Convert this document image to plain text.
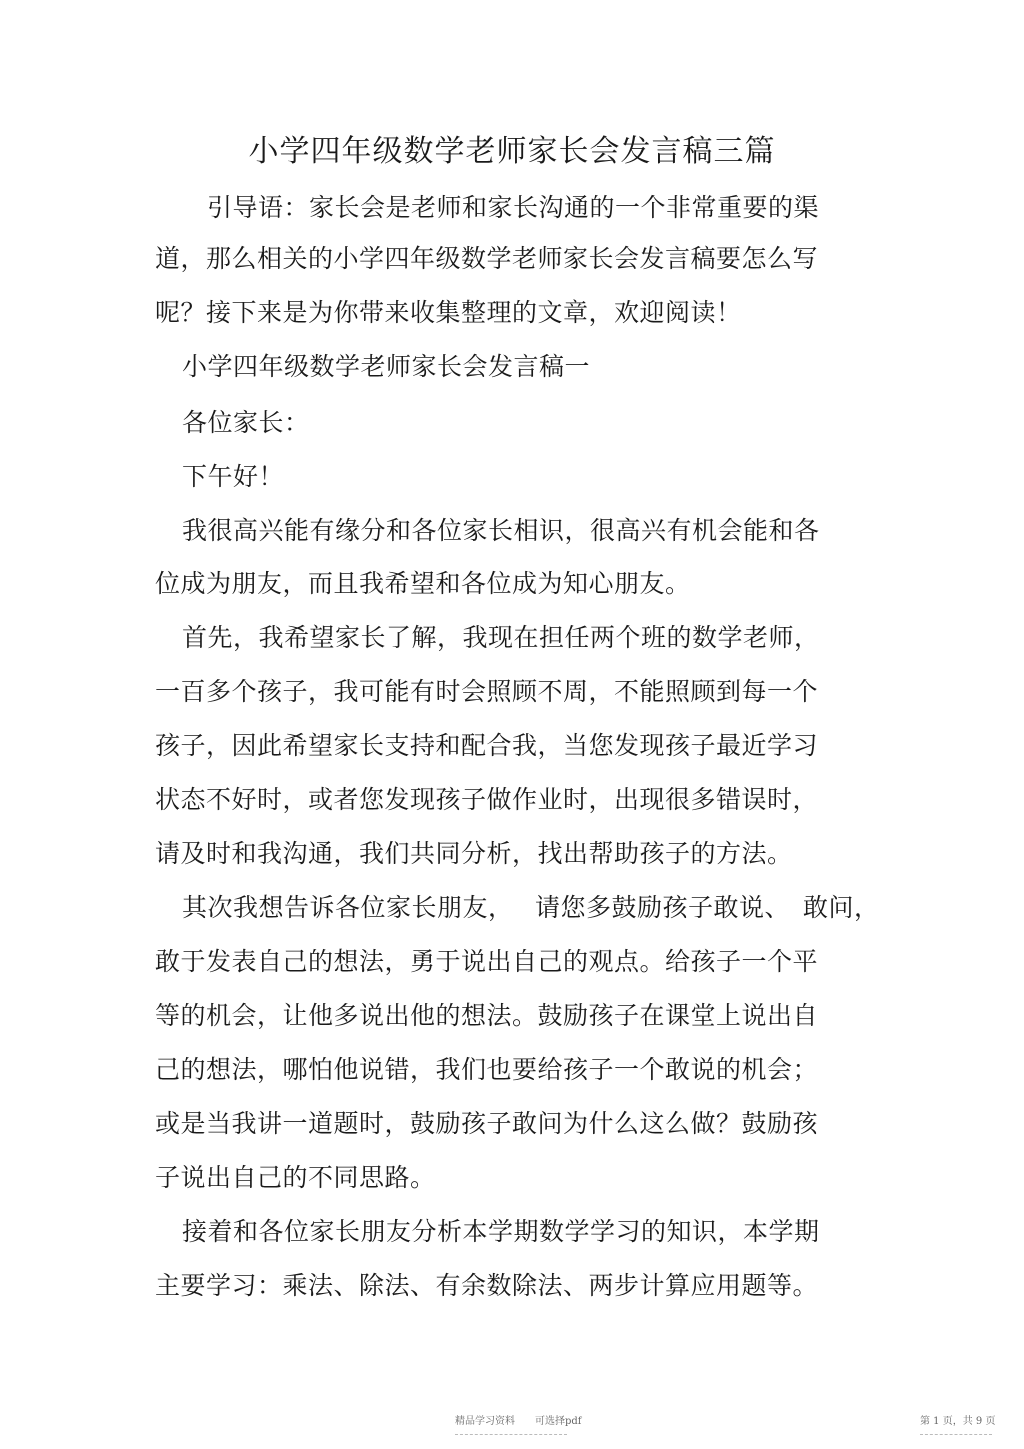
小学四年级数学老师家长会发言稿三篇
引导语：家长会是老师和家长沟通的一个非常重要的渠
道，那么相关的小学四年级数学老师家长会发言稿要怎么写
呢？接下来是为你带来收集整理的文章，欢迎阅读！
小学四年级数学老师家长会发言稿一
各位家长：
下午好！
我很高兴能有缘分和各位家长相识，很高兴有机会能和各
位成为朋友，而且我希望和各位成为知心朋友。
首先，我希望家长了解，我现在担任两个班的数学老师，
一百多个孩子，我可能有时会照顾不周，不能照顾到每一个
孩子，因此希望家长支持和配合我，当您发现孩子最近学习
状态不好时，或者您发现孩子做作业时，出现很多错误时，
请及时和我沟通，我们共同分析，找出帮助孩子的方法。
其次我想告诉各位家长朋友，　 请您多鼓励孩子敢说、　敢问，
敢于发表自己的想法，勇于说出自己的观点。给孩子一个平
等的机会，让他多说出他的想法。鼓励孩子在课堂上说出自
己的想法，哪怕他说错，我们也要给孩子一个敢说的机会；
或是当我讲一道题时，鼓励孩子敢问为什么这么做？鼓励孩
子说出自己的不同思路。
接着和各位家长朋友分析本学期数学学习的知识，本学期
主要学习：乘法、除法、有余数除法、两步计算应用题等。
精品学习资料　　可选择pdf	第 1 页，共 9 页
